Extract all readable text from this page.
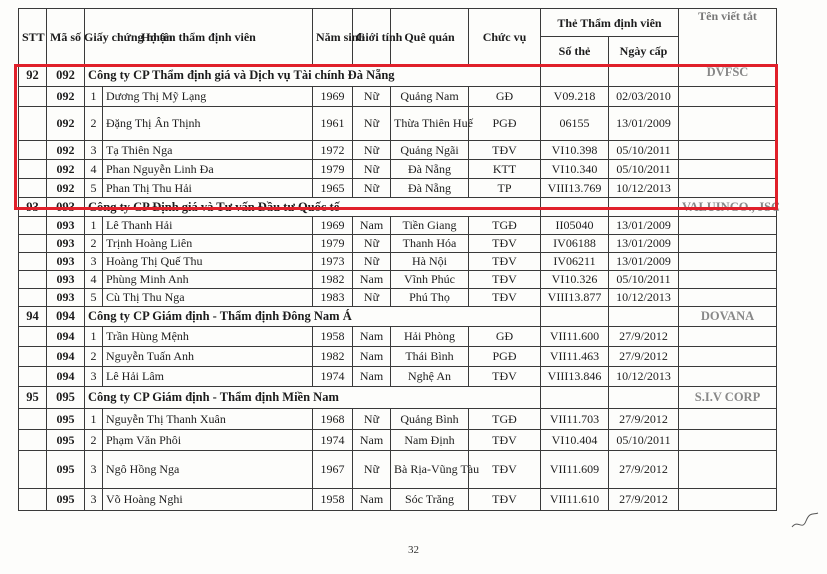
STT	Mã số Giấy chứng nhận	Họ tên thẩm định viên		Năm sinh	Giới tính	Quê quán	Chức vụ	Thẻ Thẩm định viên		Tên viết tắt
								Số thẻ	Ngày cấp	
92	092	Công ty CP Thẩm định giá và Dịch vụ Tài chính Đà Nẵng								DVFSC
	092	1	Dương Thị Mỹ Lạng	1969	Nữ	Quảng Nam	GĐ	V09.218	02/03/2010	
	092	2	Đặng Thị Ân Thịnh	1961	Nữ	Thừa Thiên Huế	PGĐ	06155	13/01/2009	
	092	3	Tạ Thiên Nga	1972	Nữ	Quảng Ngãi	TĐV	VI10.398	05/10/2011	
	092	4	Phan Nguyễn Linh Đa	1979	Nữ	Đà Nẵng	KTT	VI10.340	05/10/2011	
	092	5	Phan Thị Thu Hải	1965	Nữ	Đà Nẵng	TP	VIII13.769	10/12/2013	
93	093	Công ty CP Định giá và Tư vấn Đầu tư Quốc tế								VALUINCO., JSC
	093	1	Lê Thanh Hải	1969	Nam	Tiền Giang	TGĐ	II05040	13/01/2009	
	093	2	Trịnh Hoàng Liên	1979	Nữ	Thanh Hóa	TĐV	IV06188	13/01/2009	
	093	3	Hoàng Thị Quế Thu	1973	Nữ	Hà Nội	TĐV	IV06211	13/01/2009	
	093	4	Phùng Minh Anh	1982	Nam	Vĩnh Phúc	TĐV	VI10.326	05/10/2011	
	093	5	Cù Thị Thu Nga	1983	Nữ	Phú Thọ	TĐV	VIII13.877	10/12/2013	
94	094	Công ty CP Giám định - Thẩm định Đông Nam Á								DOVANA
	094	1	Trần Hùng Mệnh	1958	Nam	Hải Phòng	GĐ	VII11.600	27/9/2012	
	094	2	Nguyễn Tuấn Anh	1982	Nam	Thái Bình	PGĐ	VII11.463	27/9/2012	
	094	3	Lê Hải Lâm	1974	Nam	Nghệ An	TĐV	VIII13.846	10/12/2013	
95	095	Công ty CP Giám định - Thẩm định Miền Nam								S.I.V CORP
	095	1	Nguyễn Thị Thanh Xuân	1968	Nữ	Quảng Bình	TGĐ	VII11.703	27/9/2012	
	095	2	Phạm Văn Phôi	1974	Nam	Nam Định	TĐV	VI10.404	05/10/2011	
	095	3	Ngô Hồng Nga	1967	Nữ	Bà Rịa-Vũng Tàu	TĐV	VII11.609	27/9/2012	
	095	3	Võ Hoàng Nghi	1958	Nam	Sóc Trăng	TĐV	VII11.610	27/9/2012	
32
